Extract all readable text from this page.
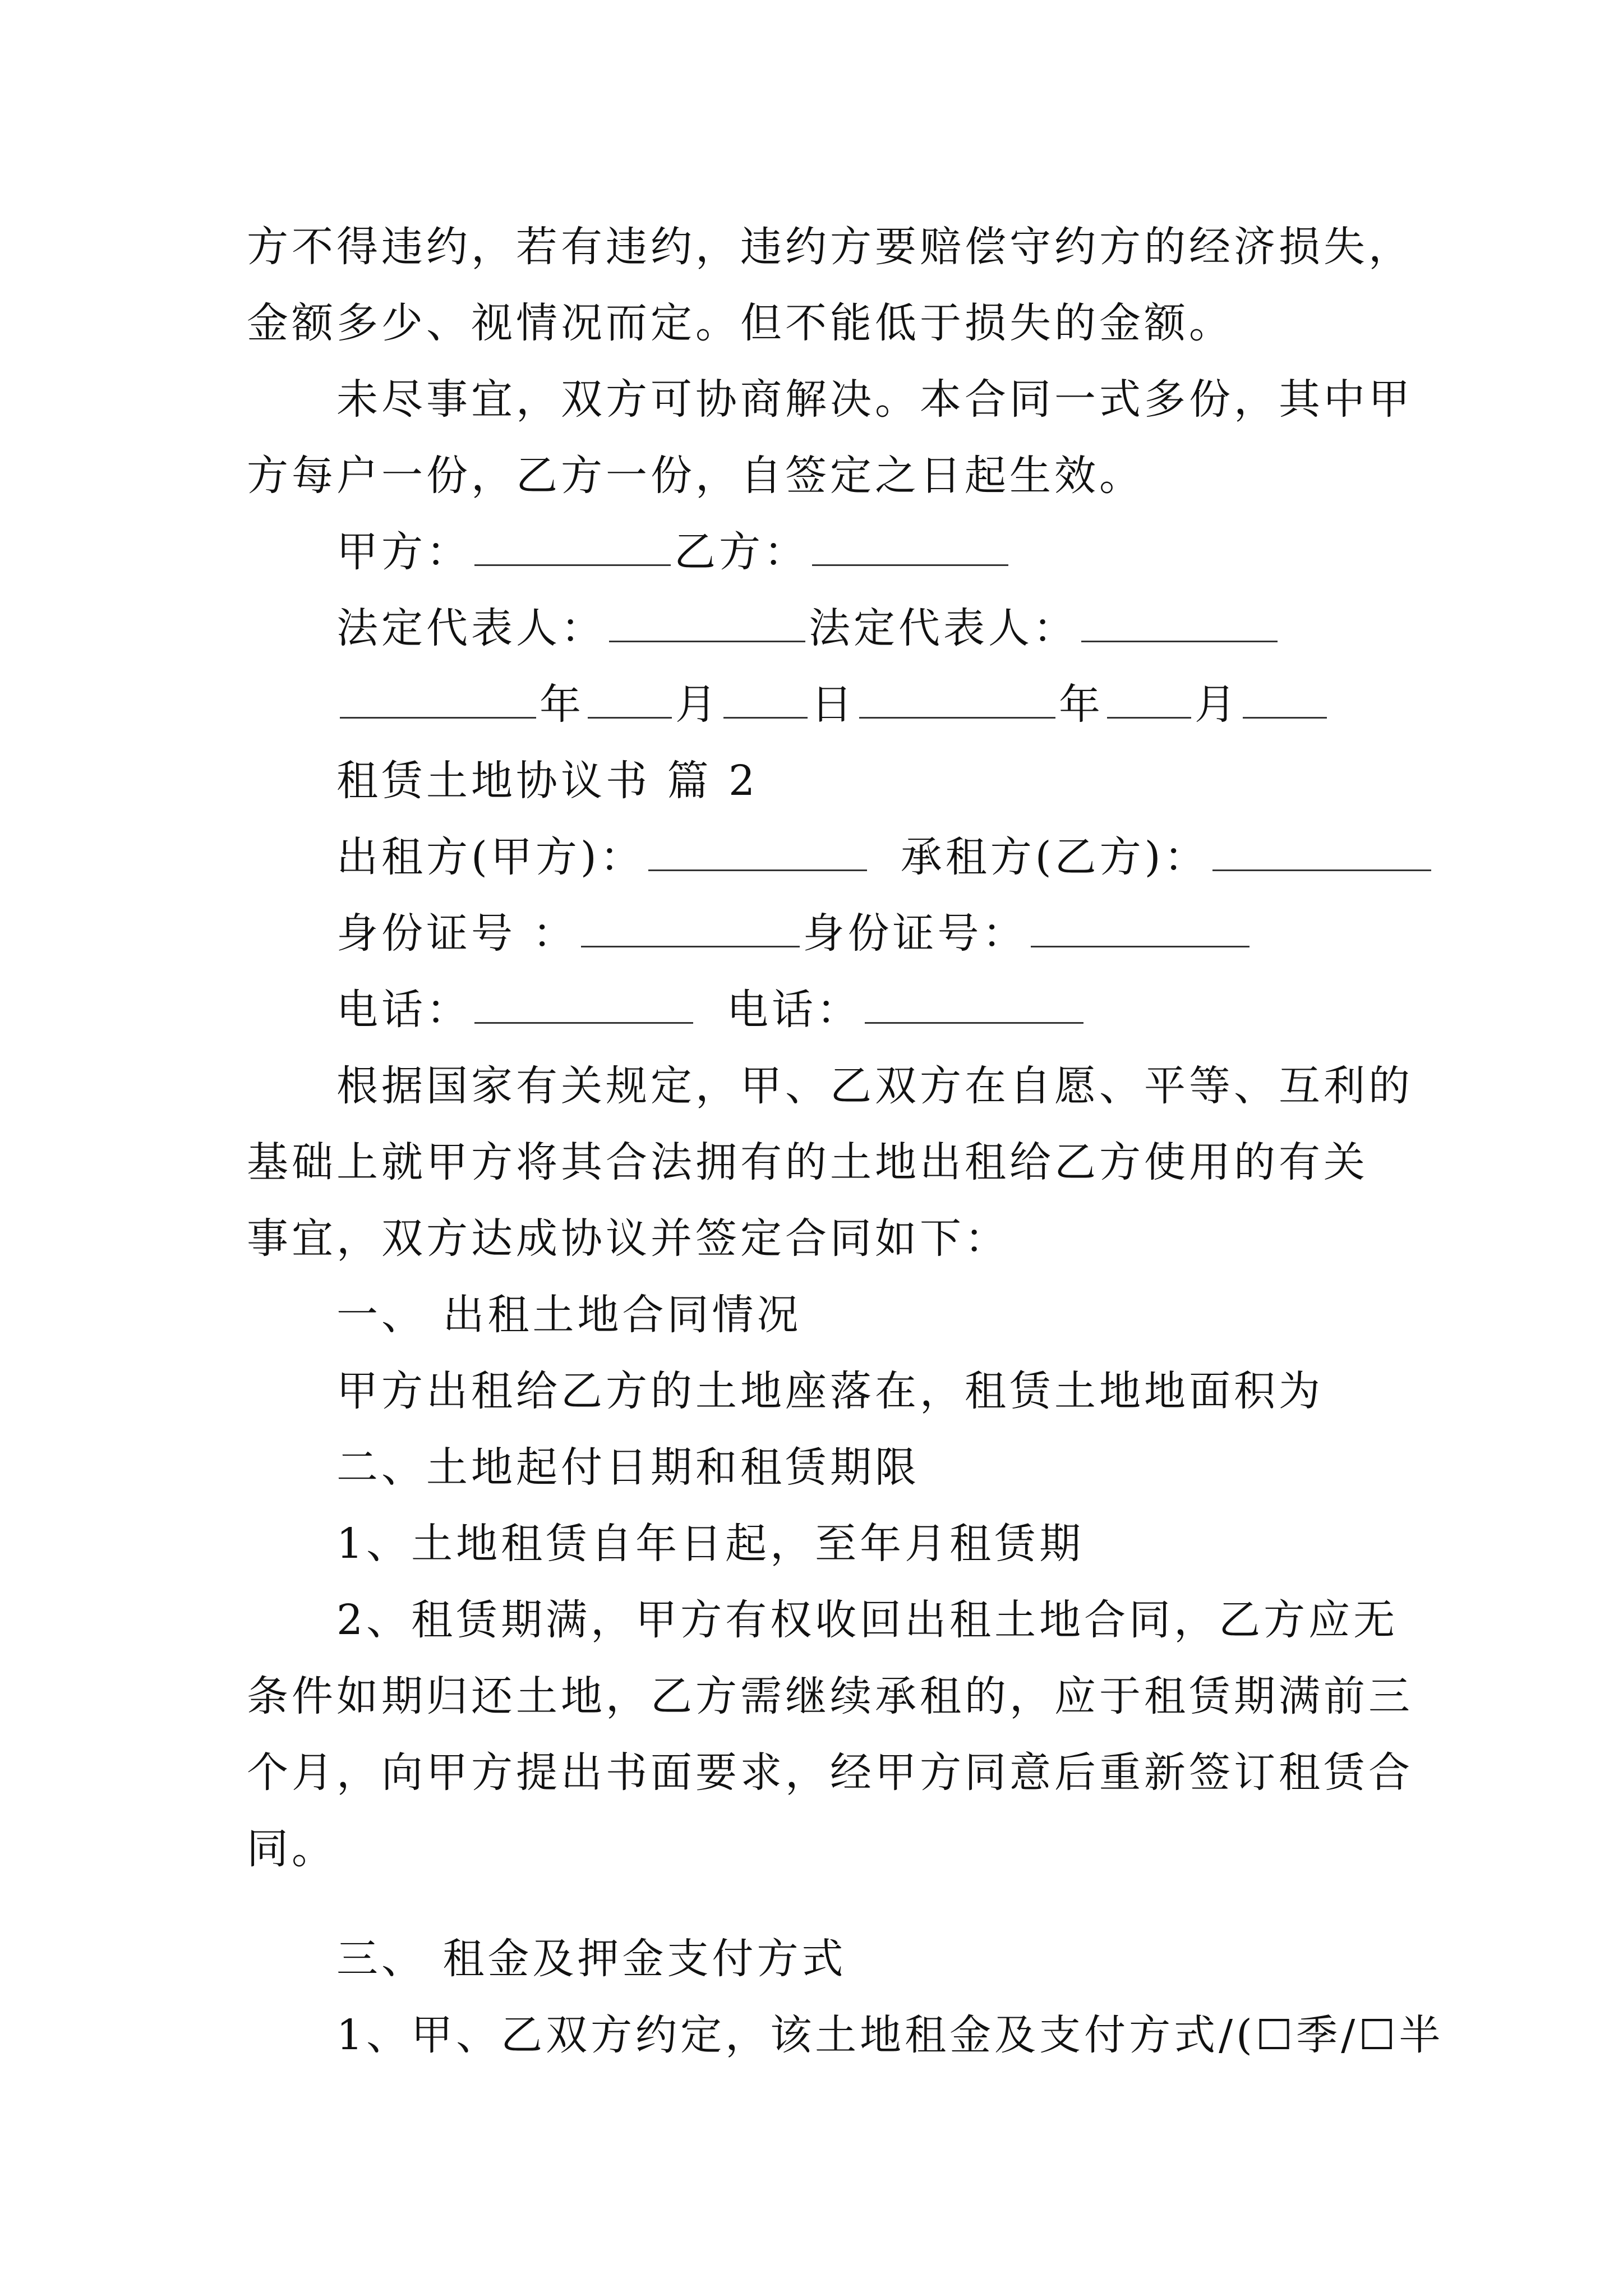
方不得违约，若有违约，违约方要赔偿守约方的经济损失，
金额多少、视情况而定。但不能低于损失的金额。
未尽事宜，双方可协商解决。本合同一式多份，其中甲
方每户一份，乙方一份，自签定之日起生效。
甲方：	乙方：
法定代表人：	法定代表人：
年 月 日	年 月
租赁土地协议书 篇 2
出租方(甲方)：	承租方(乙方)：
身份证号 ：	身份证号：
电话：	电话：
根据国家有关规定，甲、乙双方在自愿、平等、互利的
基础上就甲方将其合法拥有的土地出租给乙方使用的有关
事宜，双方达成协议并签定合同如下：
一、 出租土地合同情况
甲方出租给乙方的土地座落在，租赁土地地面积为
二、土地起付日期和租赁期限
1、土地租赁自年日起，至年月租赁期
2、租赁期满，甲方有权收回出租土地合同，乙方应无
条件如期归还土地，乙方需继续承租的，应于租赁期满前三
个月，向甲方提出书面要求，经甲方同意后重新签订租赁合
同。
三、 租金及押金支付方式
1、甲、乙双方约定，该土地租金及支付方式/(☐季/☐半
